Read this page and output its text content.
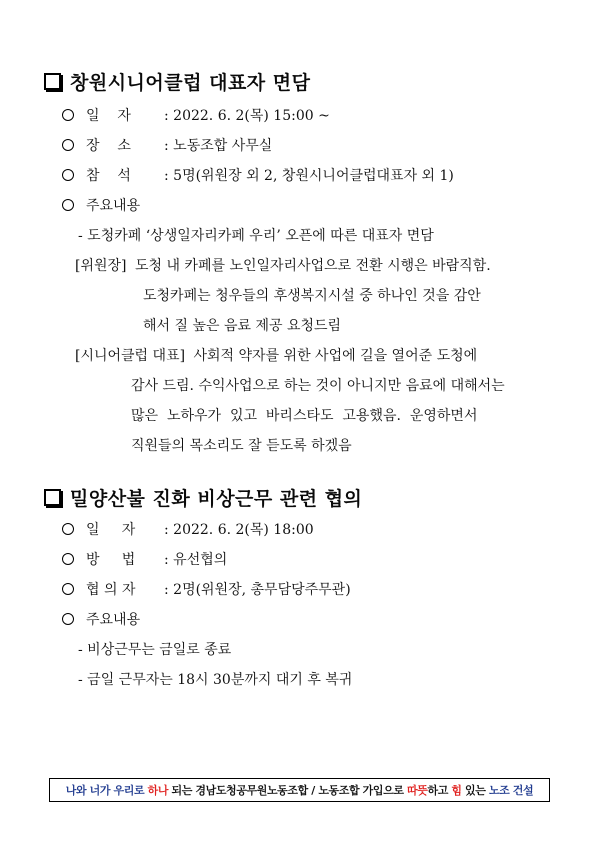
창원시니어클럽 대표자 면담
일    자 : 2022. 6. 2(목) 15:00 ~
장    소 : 노동조합 사무실
참    석 : 5명(위원장 외 2, 창원시니어클럽대표자 외 1)
주요내용
- 도청카페 ‘상생일자리카페 우리’ 오픈에 따른 대표자 면담
[위원장] 도청 내 카페를 노인일자리사업으로 전환 시행은 바람직함.
도청카페는 청우들의 후생복지시설 중 하나인 것을 감안
해서 질 높은 음료 제공 요청드림
[시니어클럽 대표] 사회적 약자를 위한 사업에 길을 열어준 도청에
감사 드림. 수익사업으로 하는 것이 아니지만 음료에 대해서는
많은  노하우가  있고  바리스타도  고용했음.  운영하면서
직원들의 목소리도 잘 듣도록 하겠음
밀양산불 진화 비상근무 관련 협의
일     자 : 2022. 6. 2(목) 18:00
방     법 : 유선협의
협 의 자 : 2명(위원장, 총무담당주무관)
주요내용
- 비상근무는 금일로 종료
- 금일 근무자는 18시 30분까지 대기 후 복귀
나와 너가 우리로 하나 되는 경남도청공무원노동조합 / 노동조합 가입으로 따뜻 하고 힘 있는 노조 건설
